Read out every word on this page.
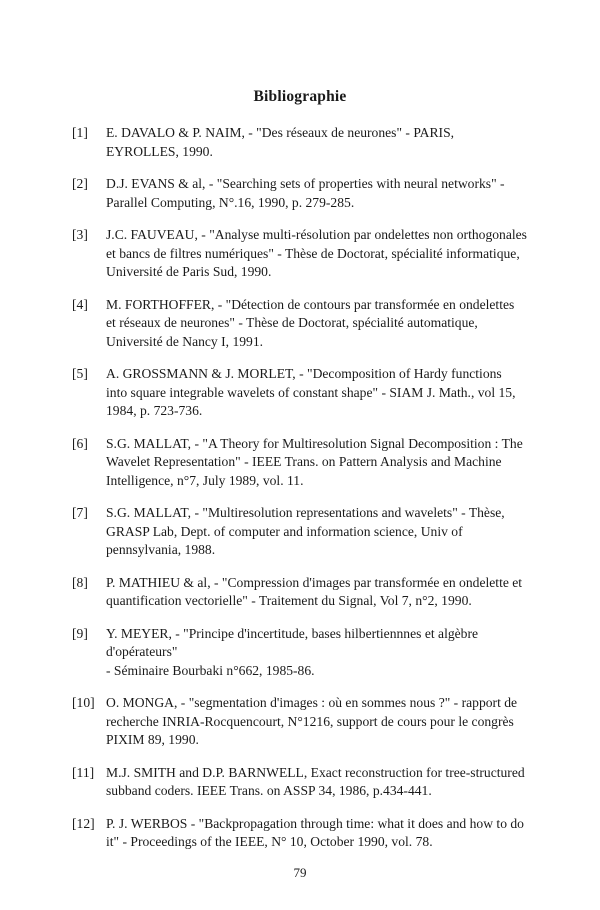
Bibliographie
[1]	E. DAVALO & P. NAIM, - "Des réseaux de neurones" - PARIS,
EYROLLES, 1990.
[2]	D.J. EVANS & al, - "Searching sets of properties with neural networks" -
Parallel Computing, N°.16, 1990, p. 279-285.
[3]	J.C. FAUVEAU, - "Analyse multi-résolution par ondelettes non orthogonales
et bancs de filtres numériques" - Thèse de Doctorat, spécialité informatique,
Université de Paris Sud, 1990.
[4]	M. FORTHOFFER, - "Détection de contours par transformée en ondelettes
et réseaux de neurones" - Thèse de Doctorat, spécialité automatique,
Université de Nancy I, 1991.
[5]	A. GROSSMANN & J. MORLET, - "Decomposition of Hardy functions
into square integrable wavelets of constant shape" - SIAM J. Math., vol 15,
1984, p. 723-736.
[6]	S.G. MALLAT, - "A Theory for Multiresolution Signal Decomposition : The
Wavelet Representation" - IEEE Trans. on Pattern Analysis and Machine
Intelligence, n°7, July 1989, vol. 11.
[7]	S.G. MALLAT, - "Multiresolution representations and wavelets" - Thèse,
GRASP Lab, Dept. of computer and information science, Univ of
pennsylvania, 1988.
[8]	P. MATHIEU & al, - "Compression d'images par transformée en ondelette et
quantification vectorielle" - Traitement du Signal, Vol 7, n°2, 1990.
[9]	Y. MEYER, - "Principe d'incertitude, bases hilbertiennnes et algèbre
d'opérateurs"
- Séminaire Bourbaki n°662, 1985-86.
[10] O. MONGA, - "segmentation d'images : où en sommes nous ?" - rapport de
recherche INRIA-Rocquencourt, N°1216, support de cours pour le congrès
PIXIM 89, 1990.
[11] M.J. SMITH and D.P. BARNWELL, Exact reconstruction for tree-structured
subband coders. IEEE Trans. on ASSP 34, 1986, p.434-441.
[12] P. J. WERBOS - "Backpropagation through time: what it does and how to do
it" - Proceedings of the IEEE, N° 10, October 1990, vol. 78.
79
